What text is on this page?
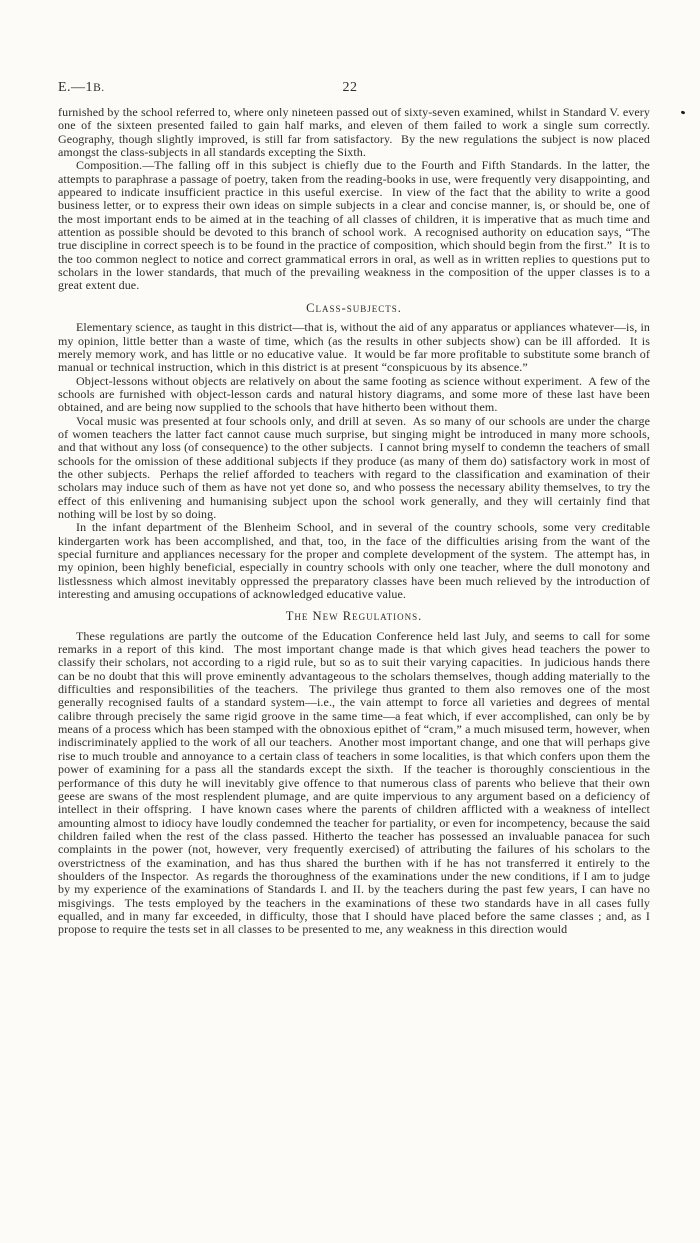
22
E.—1B.

furnished by the school referred to, where only nineteen passed out of sixty-seven examined, whilst in Standard V. every one of the sixteen presented failed to gain half marks, and eleven of them failed to work a single sum correctly.  Geography, though slightly improved, is still far from satisfactory.  By the new regulations the subject is now placed amongst the class-subjects in all standards excepting the Sixth.

Composition.—The falling off in this subject is chiefly due to the Fourth and Fifth Standards. In the latter, the attempts to paraphrase a passage of poetry, taken from the reading-books in use, were frequently very disappointing, and appeared to indicate insufficient practice in this useful exercise.  In view of the fact that the ability to write a good business letter, or to express their own ideas on simple subjects in a clear and concise manner, is, or should be, one of the most important ends to be aimed at in the teaching of all classes of children, it is imperative that as much time and attention as possible should be devoted to this branch of school work.  A recognised authority on education says, “The true discipline in correct speech is to be found in the practice of composition, which should begin from the first.”  It is to the too common neglect to notice and correct grammatical errors in oral, as well as in written replies to questions put to scholars in the lower standards, that much of the prevailing weakness in the composition of the upper classes is to a great extent due.

Class-subjects.

Elementary science, as taught in this district—that is, without the aid of any apparatus or appliances whatever—is, in my opinion, little better than a waste of time, which (as the results in other subjects show) can be ill afforded.  It is merely memory work, and has little or no educative value.  It would be far more profitable to substitute some branch of manual or technical instruction, which in this district is at present “conspicuous by its absence.”

Object-lessons without objects are relatively on about the same footing as science without experiment.  A few of the schools are furnished with object-lesson cards and natural history diagrams, and some more of these last have been obtained, and are being now supplied to the schools that have hitherto been without them.

Vocal music was presented at four schools only, and drill at seven.  As so many of our schools are under the charge of women teachers the latter fact cannot cause much surprise, but singing might be introduced in many more schools, and that without any loss (of consequence) to the other subjects.  I cannot bring myself to condemn the teachers of small schools for the omission of these additional subjects if they produce (as many of them do) satisfactory work in most of the other subjects.  Perhaps the relief afforded to teachers with regard to the classification and examination of their scholars may induce such of them as have not yet done so, and who possess the necessary ability themselves, to try the effect of this enlivening and humanising subject upon the school work generally, and they will certainly find that nothing will be lost by so doing.

In the infant department of the Blenheim School, and in several of the country schools, some very creditable kindergarten work has been accomplished, and that, too, in the face of the difficulties arising from the want of the special furniture and appliances necessary for the proper and complete development of the system.  The attempt has, in my opinion, been highly beneficial, especially in country schools with only one teacher, where the dull monotony and listlessness which almost inevitably oppressed the preparatory classes have been much relieved by the introduction of interesting and amusing occupations of acknowledged educative value.

The New Regulations.

These regulations are partly the outcome of the Education Conference held last July, and seems to call for some remarks in a report of this kind.  The most important change made is that which gives head teachers the power to classify their scholars, not according to a rigid rule, but so as to suit their varying capacities.  In judicious hands there can be no doubt that this will prove eminently advantageous to the scholars themselves, though adding materially to the difficulties and responsibilities of the teachers.  The privilege thus granted to them also removes one of the most generally recognised faults of a standard system—i.e., the vain attempt to force all varieties and degrees of mental calibre through precisely the same rigid groove in the same time—a feat which, if ever accomplished, can only be by means of a process which has been stamped with the obnoxious epithet of “cram,” a much misused term, however, when indiscriminately applied to the work of all our teachers.  Another most important change, and one that will perhaps give rise to much trouble and annoyance to a certain class of teachers in some localities, is that which confers upon them the power of examining for a pass all the standards except the sixth.  If the teacher is thoroughly conscientious in the performance of this duty he will inevitably give offence to that numerous class of parents who believe that their own geese are swans of the most resplendent plumage, and are quite impervious to any argument based on a deficiency of intellect in their offspring.  I have known cases where the parents of children afflicted with a weakness of intellect amounting almost to idiocy have loudly condemned the teacher for partiality, or even for incompetency, because the said children failed when the rest of the class passed. Hitherto the teacher has possessed an invaluable panacea for such complaints in the power (not, however, very frequently exercised) of attributing the failures of his scholars to the overstrictness of the examination, and has thus shared the burthen with if he has not transferred it entirely to the shoulders of the Inspector.  As regards the thoroughness of the examinations under the new conditions, if I am to judge by my experience of the examinations of Standards I. and II. by the teachers during the past few years, I can have no misgivings.  The tests employed by the teachers in the examinations of these two standards have in all cases fully equalled, and in many far exceeded, in difficulty, those that I should have placed before the same classes ; and, as I propose to require the tests set in all classes to be presented to me, any weakness in this direction would
